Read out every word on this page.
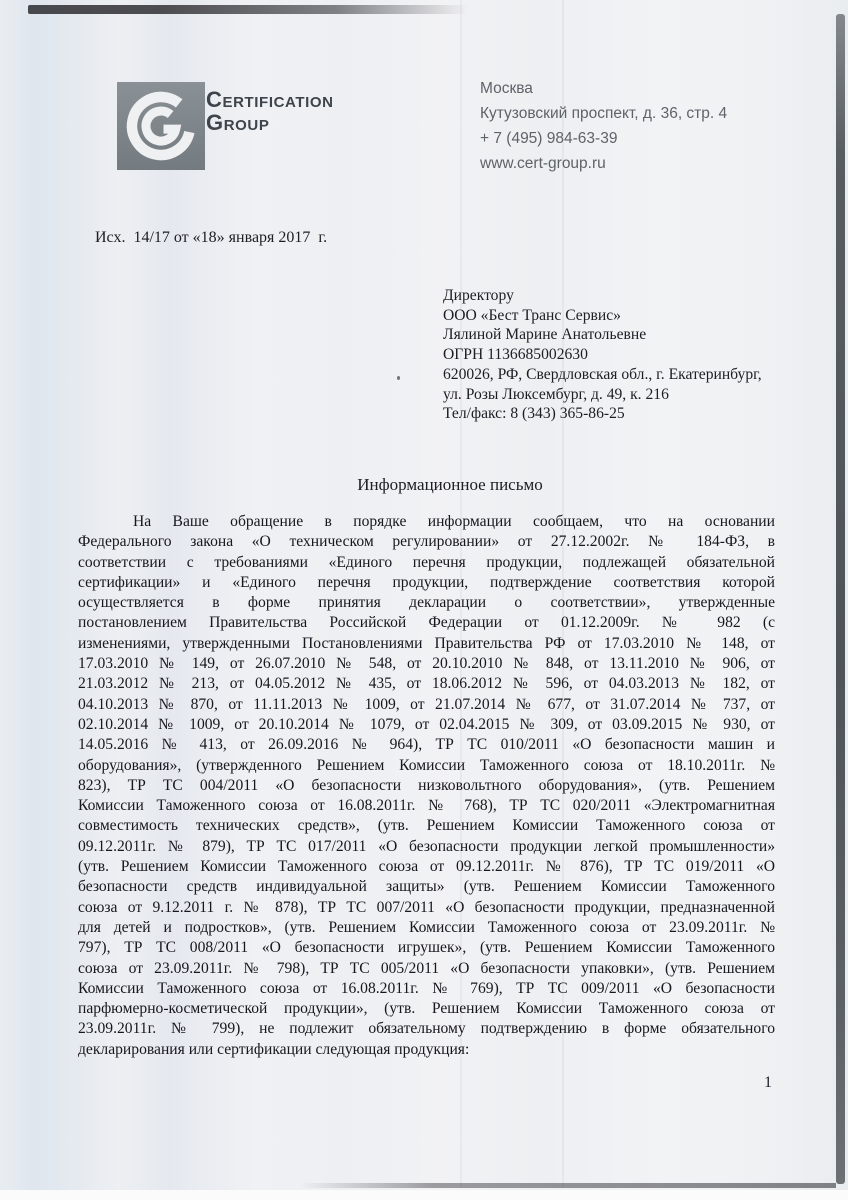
Certification
Group
Москва
Кутузовский проспект, д. 36, стр. 4
+ 7 (495) 984-63-39
www.cert-group.ru
Исх.  14/17 от «18» января 2017  г.
Директору
ООО «Бест Транс Сервис»
Лялиной Марине Анатольевне
ОГРН 1136685002630
620026, РФ, Свердловская обл., г. Екатеринбург,
ул. Розы Люксембург, д. 49, к. 216
Тел/факс: 8 (343) 365-86-25
Информационное письмо
На Ваше обращение в порядке информации сообщаем, что на основании
Федерального закона «О техническом регулировании» от 27.12.2002г. № 184-ФЗ, в
соответствии с требованиями «Единого перечня продукции, подлежащей обязательной
сертификации» и «Единого перечня продукции, подтверждение соответствия которой
осуществляется в форме принятия декларации о соответствии», утвержденные
постановлением Правительства Российской Федерации от 01.12.2009г. № 982 (с
изменениями, утвержденными Постановлениями Правительства РФ от 17.03.2010 № 148, от
17.03.2010 № 149, от 26.07.2010 № 548, от 20.10.2010 № 848, от 13.11.2010 № 906, от
21.03.2012 № 213, от 04.05.2012 № 435, от 18.06.2012 № 596, от 04.03.2013 № 182, от
04.10.2013 № 870, от 11.11.2013 № 1009, от 21.07.2014 № 677, от 31.07.2014 № 737, от
02.10.2014 № 1009, от 20.10.2014 № 1079, от 02.04.2015 № 309, от 03.09.2015 № 930, от
14.05.2016 № 413, от 26.09.2016 № 964), ТР ТС 010/2011 «О безопасности машин и
оборудования», (утвержденного Решением Комиссии Таможенного союза от 18.10.2011г. №
823), ТР ТС 004/2011 «О безопасности низковольтного оборудования», (утв. Решением
Комиссии Таможенного союза от 16.08.2011г. № 768), ТР ТС 020/2011 «Электромагнитная
совместимость технических средств», (утв. Решением Комиссии Таможенного союза от
09.12.2011г. № 879), ТР ТС 017/2011 «О безопасности продукции легкой промышленности»
(утв. Решением Комиссии Таможенного союза от 09.12.2011г. № 876), ТР ТС 019/2011 «О
безопасности средств индивидуальной защиты» (утв. Решением Комиссии Таможенного
союза от 9.12.2011 г. № 878), ТР ТС 007/2011 «О безопасности продукции, предназначенной
для детей и подростков», (утв. Решением Комиссии Таможенного союза от 23.09.2011г. №
797), ТР ТС 008/2011 «О безопасности игрушек», (утв. Решением Комиссии Таможенного
союза от 23.09.2011г. № 798), ТР ТС 005/2011 «О безопасности упаковки», (утв. Решением
Комиссии Таможенного союза от 16.08.2011г. № 769), ТР ТС 009/2011 «О безопасности
парфюмерно-косметической продукции», (утв. Решением Комиссии Таможенного союза от
23.09.2011г. № 799), не подлежит обязательному подтверждению в форме обязательного
декларирования или сертификации следующая продукция:
1
